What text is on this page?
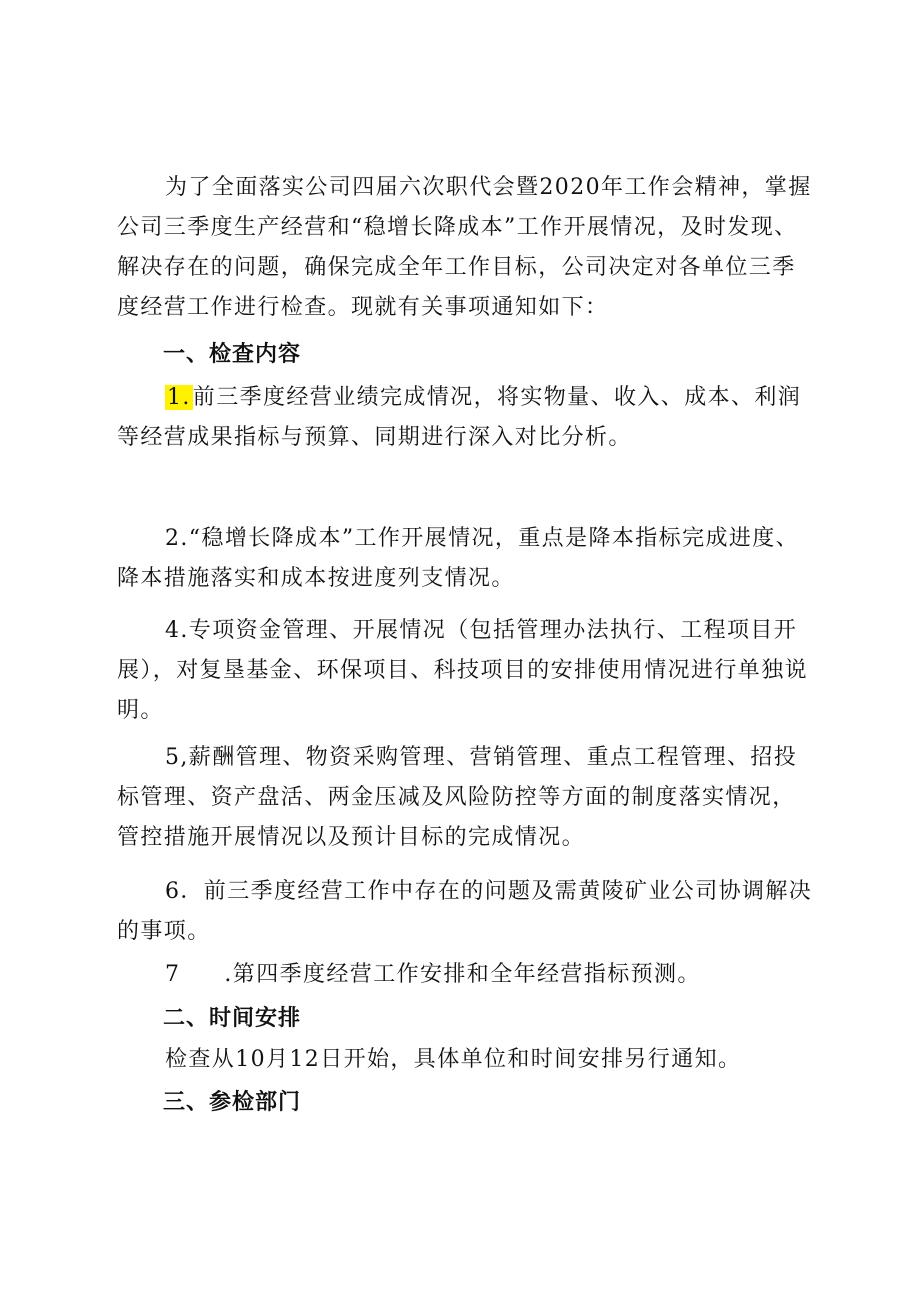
为了全面落实公司四届六次职代会暨2020年工作会精神，掌握公司三季度生产经营和“稳增长降成本”工作开展情况，及时发现、解决存在的问题，确保完成全年工作目标，公司决定对各单位三季度经营工作进行检查。现就有关事项通知如下：

一、检查内容

1.前三季度经营业绩完成情况，将实物量、收入、成本、利润等经营成果指标与预算、同期进行深入对比分析。

2.“稳增长降成本”工作开展情况，重点是降本指标完成进度、降本措施落实和成本按进度列支情况。

4.专项资金管理、开展情况（包括管理办法执行、工程项目开展），对复垦基金、环保项目、科技项目的安排使用情况进行单独说明。

5,薪酬管理、物资采购管理、营销管理、重点工程管理、招投标管理、资产盘活、两金压减及风险防控等方面的制度落实情况，管控措施开展情况以及预计目标的完成情况。

6．前三季度经营工作中存在的问题及需黄陵矿业公司协调解决的事项。

7 .第四季度经营工作安排和全年经营指标预测。

二、时间安排

检查从10月12日开始，具体单位和时间安排另行通知。

三、参检部门
